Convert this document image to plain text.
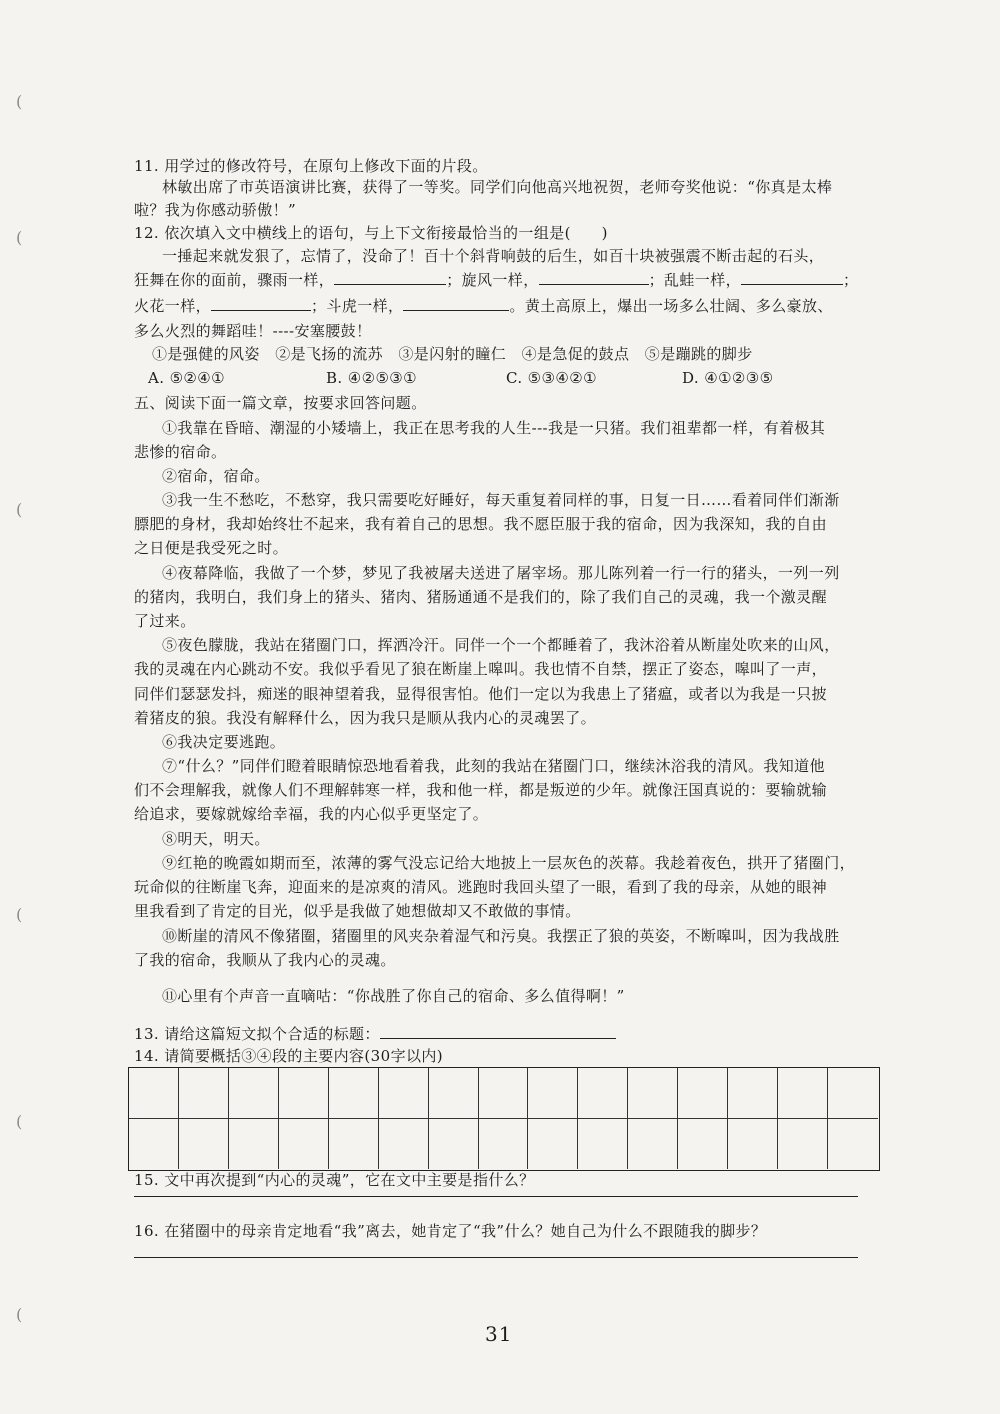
(
(
(
(
(
(
11. 用学过的修改符号，在原句上修改下面的片段。
林敏出席了市英语演讲比赛，获得了一等奖。同学们向他高兴地祝贺，老师夸奖他说：“你真是太棒
啦？我为你感动骄傲！”
12. 依次填入文中横线上的语句，与上下文衔接最恰当的一组是(　　)
一捶起来就发狠了，忘情了，没命了！百十个斜背响鼓的后生，如百十块被强震不断击起的石头，
狂舞在你的面前，骤雨一样，	；旋风一样，	；乱蛙一样，	；
火花一样，	；斗虎一样，	。黄土高原上，爆出一场多么壮阔、多么豪放、
多么火烈的舞蹈哇！----安塞腰鼓！
①是强健的风姿　②是飞扬的流苏　③是闪射的瞳仁　④是急促的鼓点　⑤是蹦跳的脚步
A. ⑤②④①	B. ④②⑤③①	C. ⑤③④②①	D. ④①②③⑤
五、阅读下面一篇文章，按要求回答问题。
①我靠在昏暗、潮湿的小矮墙上，我正在思考我的人生---我是一只猪。我们祖辈都一样，有着极其
悲惨的宿命。
②宿命，宿命。
③我一生不愁吃，不愁穿，我只需要吃好睡好，每天重复着同样的事，日复一日……看着同伴们渐渐
膘肥的身材，我却始终壮不起来，我有着自己的思想。我不愿臣服于我的宿命，因为我深知，我的自由
之日便是我受死之时。
④夜幕降临，我做了一个梦，梦见了我被屠夫送进了屠宰场。那儿陈列着一行一行的猪头，一列一列
的猪肉，我明白，我们身上的猪头、猪肉、猪肠通通不是我们的，除了我们自己的灵魂，我一个激灵醒
了过来。
⑤夜色朦胧，我站在猪圈门口，挥洒冷汗。同伴一个一个都睡着了，我沐浴着从断崖处吹来的山风，
我的灵魂在内心跳动不安。我似乎看见了狼在断崖上嗥叫。我也情不自禁，摆正了姿态，嗥叫了一声，
同伴们瑟瑟发抖，痴迷的眼神望着我，显得很害怕。他们一定以为我患上了猪瘟，或者以为我是一只披
着猪皮的狼。我没有解释什么，因为我只是顺从我内心的灵魂罢了。
⑥我决定要逃跑。
⑦“什么？”同伴们瞪着眼睛惊恐地看着我，此刻的我站在猪圈门口，继续沐浴我的清风。我知道他
们不会理解我，就像人们不理解韩寒一样，我和他一样，都是叛逆的少年。就像汪国真说的：要输就输
给追求，要嫁就嫁给幸福，我的内心似乎更坚定了。
⑧明天，明天。
⑨红艳的晚霞如期而至，浓薄的雾气没忘记给大地披上一层灰色的茨幕。我趁着夜色，拱开了猪圈门，
玩命似的往断崖飞奔，迎面来的是凉爽的清风。逃跑时我回头望了一眼，看到了我的母亲，从她的眼神
里我看到了肯定的目光，似乎是我做了她想做却又不敢做的事情。
⑩断崖的清风不像猪圈，猪圈里的风夹杂着湿气和污臭。我摆正了狼的英姿，不断嗥叫，因为我战胜
了我的宿命，我顺从了我内心的灵魂。
⑪心里有个声音一直嘀咕：“你战胜了你自己的宿命、多么值得啊！”
13. 请给这篇短文拟个合适的标题：
14. 请简要概括③④段的主要内容(30字以内)
15. 文中再次提到“内心的灵魂”，它在文中主要是指什么？
16. 在猪圈中的母亲肯定地看“我”离去，她肯定了“我”什么？她自己为什么不跟随我的脚步？
31
